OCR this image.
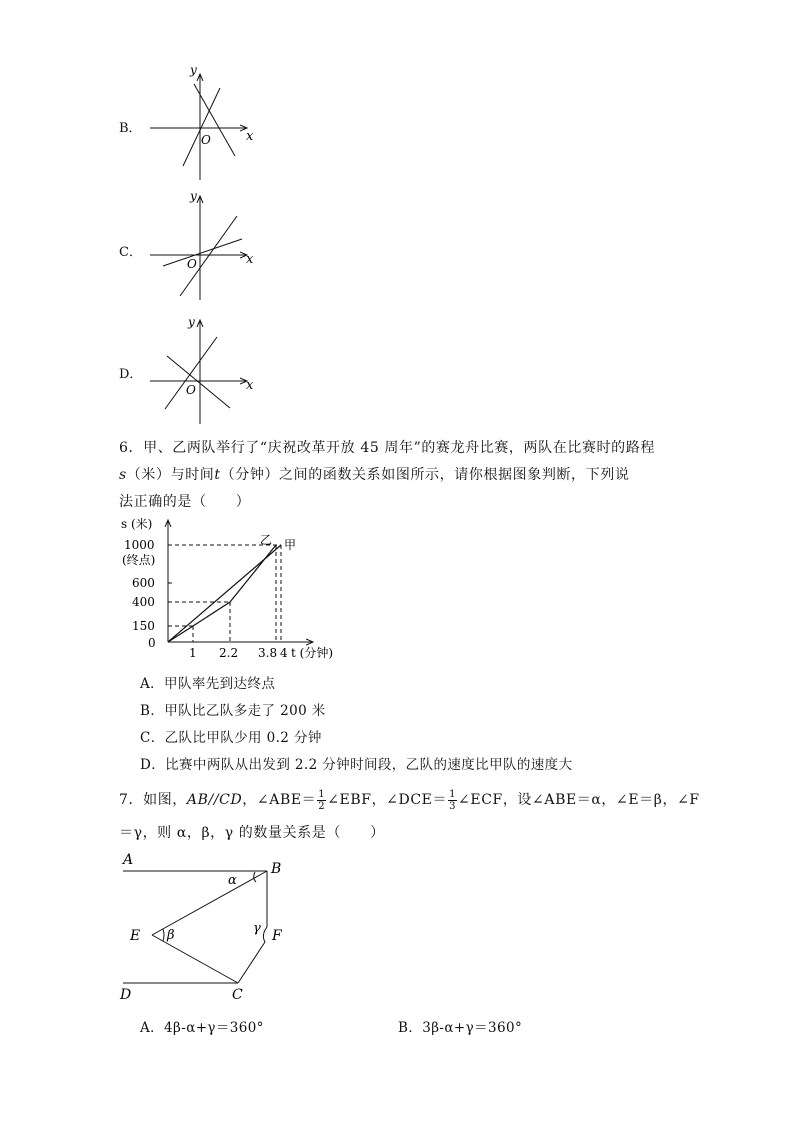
B．
y
x
O
C．
y
x
O
D．
y
x
O
6．甲、乙两队举行了“庆祝改革开放 45 周年”的赛龙舟比赛，两队在比赛时的路程
s（米）与时间t（分钟）之间的函数关系如图所示，请你根据图象判断，下列说
法正确的是（　　）
s (米)
1000
(终点)
600
400
150
0
1 2.2 3.8 4 t (分钟)
乙 甲
A．甲队率先到达终点
B．甲队比乙队多走了 200 米
C．乙队比甲队少用 0.2 分钟
D．比赛中两队从出发到 2.2 分钟时间段，乙队的速度比甲队的速度大
7．如图，AB//CD，∠ABE＝ $\frac{1}{2}$ ∠EBF，∠DCE＝ $\frac{1}{3}$ ∠ECF，设∠ABE＝α，∠E＝β，∠F
＝γ，则 α，β，γ 的数量关系是（　　）
A
B
C
D
E	F
α
β	γ
A．4β-α+γ＝360°	B．3β-α+γ＝360°
